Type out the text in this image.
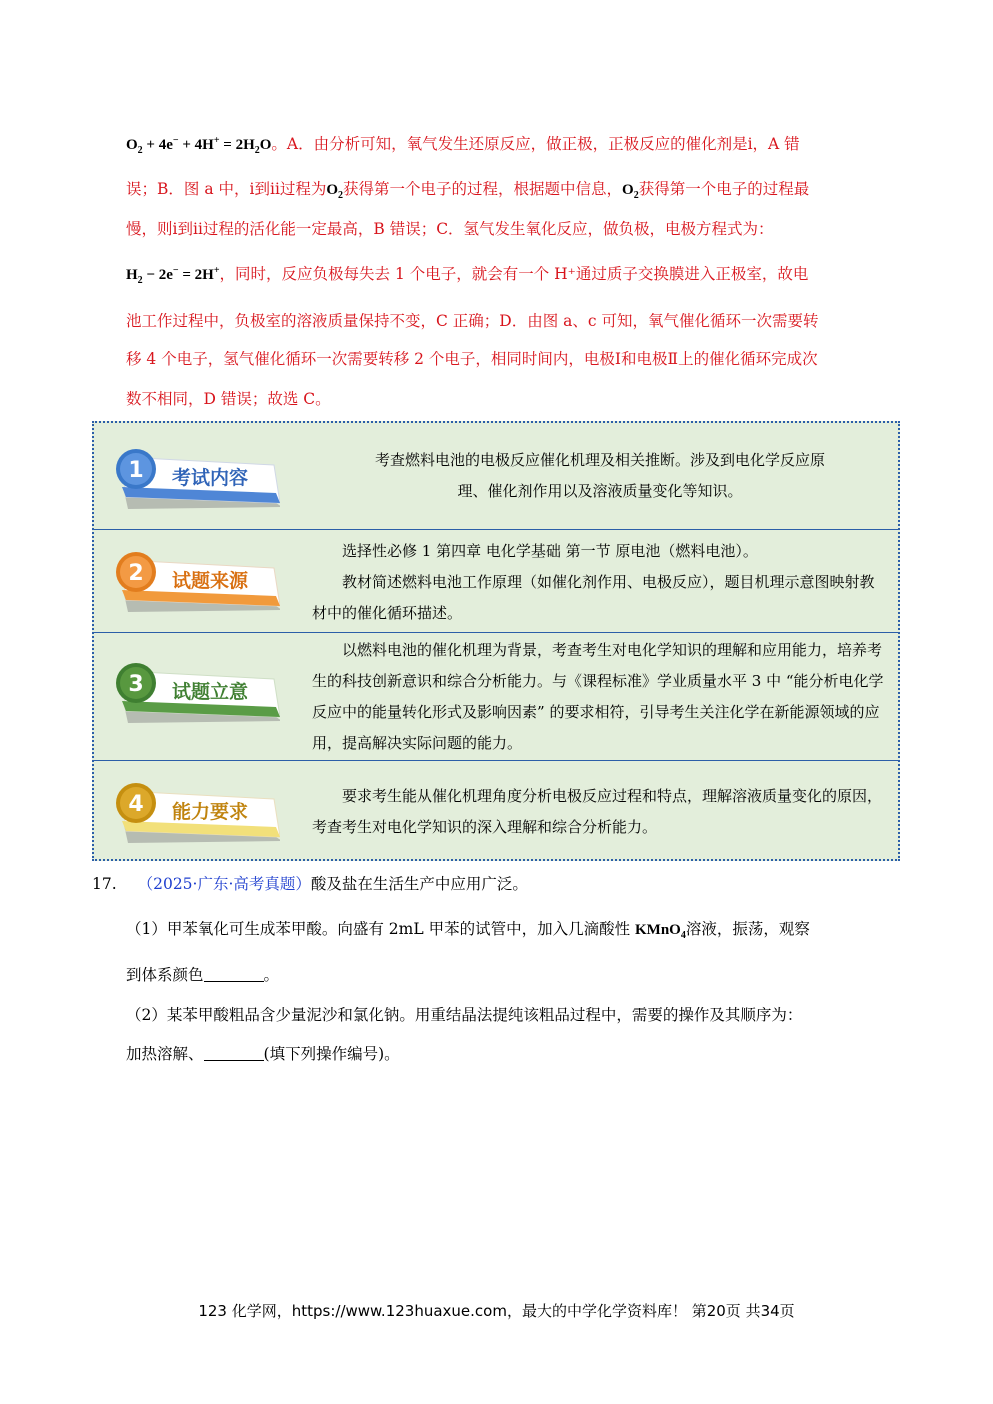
$O_2 + 4e^- + 4H^+ = 2H_2O$。A．由分析可知，氧气发生还原反应，做正极，正极反应的催化剂是ⅰ，A 错
误；B．图 a 中，ⅰ到ⅱ过程为$O_2$获得第一个电子的过程，根据题中信息，$O_2$获得第一个电子的过程最
慢，则ⅰ到ⅱ过程的活化能一定最高，B 错误；C．氢气发生氧化反应，做负极，电极方程式为：
$H_2 - 2e^- = 2H^+$，同时，反应负极每失去 1 个电子，就会有一个 H⁺通过质子交换膜进入正极室，故电
池工作过程中，负极室的溶液质量保持不变，C 正确；D．由图 a、c 可知，氧气催化循环一次需要转
移 4 个电子，氢气催化循环一次需要转移 2 个电子，相同时间内，电极Ⅰ和电极Ⅱ上的催化循环完成次
数不相同，D 错误；故选 C。
1 考试内容

考查燃料电池的电极反应催化机理及相关推断。涉及到电化学反应原

理、催化剂作用以及溶液质量变化等知识。

2 试题来源

选择性必修 1 第四章 电化学基础 第一节 原电池（燃料电池）。

教材简述燃料电池工作原理（如催化剂作用、电极反应），题目机理示意图映射教材中的催化循环描述。

3 试题立意

以燃料电池的催化机理为背景，考查考生对电化学知识的理解和应用能力，培养考生的科技创新意识和综合分析能力。与《课程标准》学业质量水平 3 中 “能分析电化学反应中的能量转化形式及影响因素” 的要求相符，引导考生关注化学在新能源领域的应用，提高解决实际问题的能力。

4 能力要求

要求考生能从催化机理角度分析电极反应过程和特点，理解溶液质量变化的原因，考查考生对电化学知识的深入理解和综合分析能力。

17. （2025·广东·高考真题）酸及盐在生活生产中应用广泛。
（1）甲苯氧化可生成苯甲酸。向盛有 2mL 甲苯的试管中，加入几滴酸性 KMnO$_4$溶液，振荡，观察
到体系颜色	。
（2）某苯甲酸粗品含少量泥沙和氯化钠。用重结晶法提纯该粗品过程中，需要的操作及其顺序为：
加热溶解、	(填下列操作编号)。
123 化学网，https://www.123huaxue.com，最大的中学化学资料库！ 第20页 共34页
